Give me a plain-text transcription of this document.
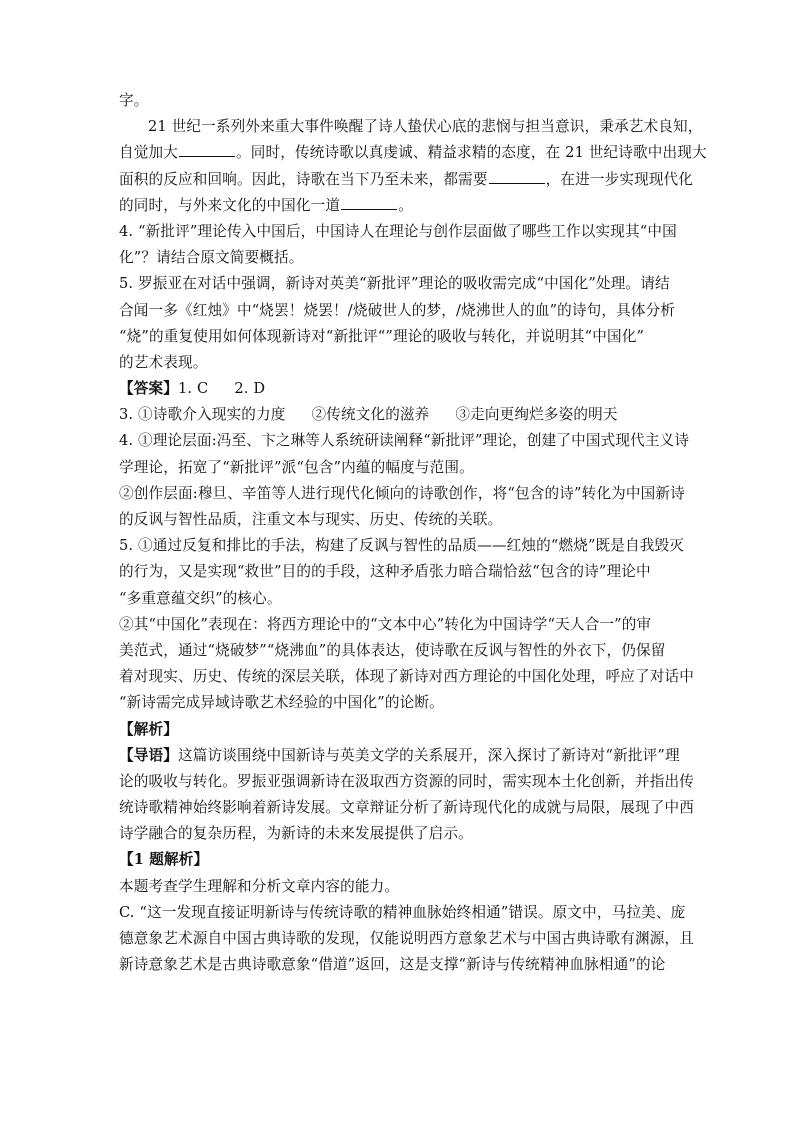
字。
21 世纪一系列外来重大事件唤醒了诗人蛰伏心底的悲悯与担当意识，秉承艺术良知，
自觉加大	。同时，传统诗歌以真虔诚、精益求精的态度，在 21 世纪诗歌中出现大
面积的反应和回响。因此，诗歌在当下乃至未来，都需要	，在进一步实现现代化
的同时，与外来文化的中国化一道	。
4. “新批评”理论传入中国后，中国诗人在理论与创作层面做了哪些工作以实现其“中国
化”？请结合原文简要概括。
5. 罗振亚在对话中强调，新诗对英美“新批评”理论的吸收需完成“中国化”处理。请结
合闻一多《红烛》中“烧罢！烧罢！/烧破世人的梦，/烧沸世人的血”的诗句，具体分析
“烧”的重复使用如何体现新诗对“新批评“”理论的吸收与转化，并说明其“中国化”
的艺术表现。
【答案】1. C 2. D
3. ①诗歌介入现实的力度 ②传统文化的滋养 ③走向更绚烂多姿的明天
4. ①理论层面:冯至、卞之琳等人系统研读阐释“新批评”理论，创建了中国式现代主义诗
学理论，拓宽了“新批评”派“包含”内蕴的幅度与范围。
②创作层面:穆旦、辛笛等人进行现代化倾向的诗歌创作，将“包含的诗”转化为中国新诗
的反讽与智性品质，注重文本与现实、历史、传统的关联。
5. ①通过反复和排比的手法，构建了反讽与智性的品质——红烛的“燃烧”既是自我毁灭
的行为，又是实现“救世”目的的手段，这种矛盾张力暗合瑞恰兹“包含的诗”理论中
“多重意蕴交织”的核心。
②其“中国化”表现在：将西方理论中的“文本中心”转化为中国诗学“天人合一”的审
美范式，通过“烧破梦”“烧沸血”的具体表达，使诗歌在反讽与智性的外衣下，仍保留
着对现实、历史、传统的深层关联，体现了新诗对西方理论的中国化处理，呼应了对话中
“新诗需完成异域诗歌艺术经验的中国化”的论断。
【解析】
【导语】这篇访谈围绕中国新诗与英美文学的关系展开，深入探讨了新诗对“新批评”理
论的吸收与转化。罗振亚强调新诗在汲取西方资源的同时，需实现本土化创新，并指出传
统诗歌精神始终影响着新诗发展。文章辩证分析了新诗现代化的成就与局限，展现了中西
诗学融合的复杂历程，为新诗的未来发展提供了启示。
【1 题解析】
本题考查学生理解和分析文章内容的能力。
C. “这一发现直接证明新诗与传统诗歌的精神血脉始终相通”错误。原文中，马拉美、庞
德意象艺术源自中国古典诗歌的发现，仅能说明西方意象艺术与中国古典诗歌有渊源，且
新诗意象艺术是古典诗歌意象“借道”返回，这是支撑“新诗与传统精神血脉相通”的论
